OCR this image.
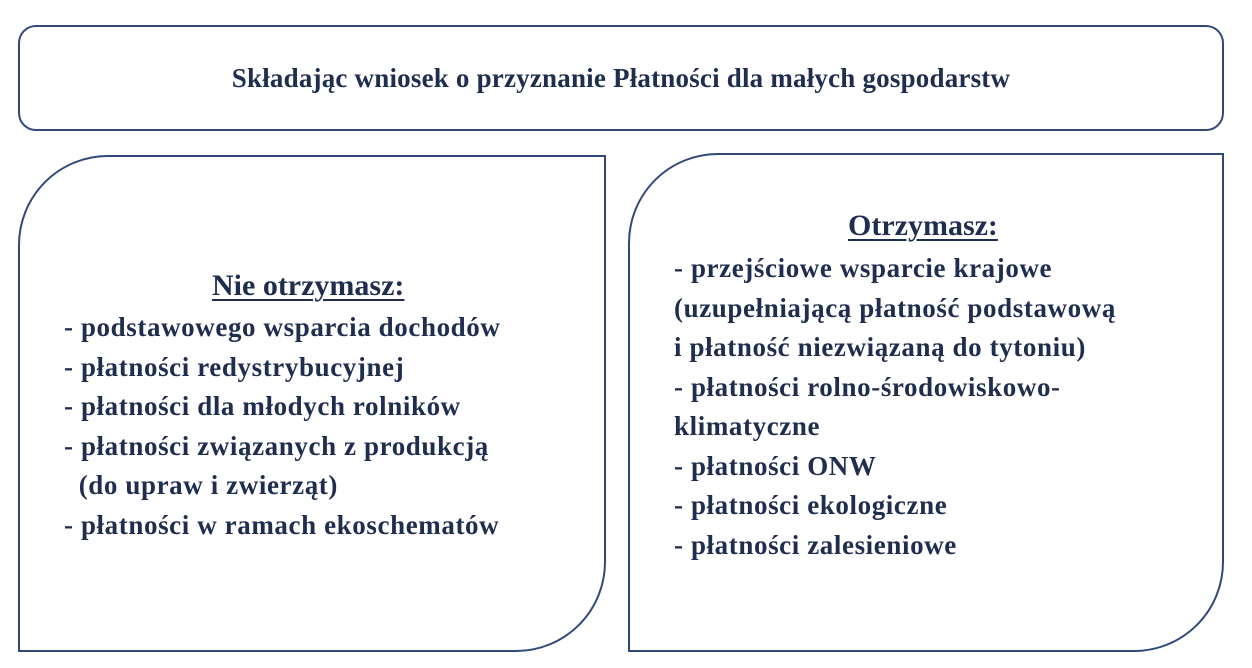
Składając wniosek o przyznanie Płatności dla małych gospodarstw

Nie otrzymasz:

- podstawowego wsparcia dochodów
- płatności redystrybucyjnej
- płatności dla młodych rolników
- płatności związanych z produkcją
(do upraw i zwierząt)
- płatności w ramach ekoschematów

Otrzymasz:

- przejściowe wsparcie krajowe
(uzupełniającą płatność podstawową
i płatność niezwiązaną do tytoniu)
- płatności rolno-środowiskowo-
klimatyczne
- płatności ONW
- płatności ekologiczne
- płatności zalesieniowe
